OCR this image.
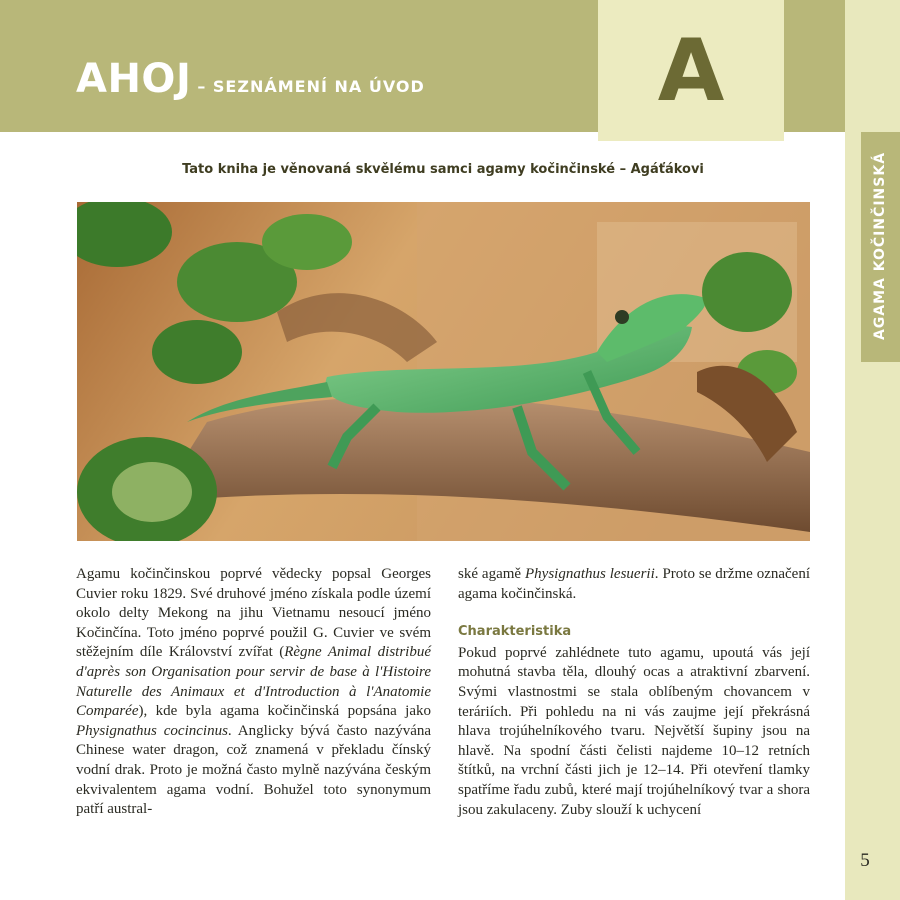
AHOJ – SEZNÁMENÍ NA ÚVOD	A
AGAMA KOČINČINSKÁ
Tato kniha je věnovaná skvělému samci agamy kočinčinské – Agáťákovi

Agamu kočinčinskou poprvé vědecky popsal Georges Cuvier roku 1829. Své druhové jméno získala podle území okolo delty Mekong na jihu Vietnamu nesoucí jméno Kočinčína. Toto jméno poprvé použil G. Cuvier ve svém stěžejním díle Království zvířat (Règne Animal distribué d'après son Organisation pour servir de base à l'Histoire Naturelle des Animaux et d'Introduction à l'Anatomie Comparée), kde byla agama kočinčinská popsána jako Physignathus cocincinus. Anglicky bývá často nazývána Chinese water dragon, což znamená v překladu čínský vodní drak. Proto je možná často mylně nazývána českým ekvivalentem agama vodní. Bohužel toto synonymum patří austral-

ské agamě Physignathus lesuerii. Proto se držme označení agama kočinčinská.

Charakteristika

Pokud poprvé zahlédnete tuto agamu, upoutá vás její mohutná stavba těla, dlouhý ocas a atraktivní zbarvení. Svými vlastnostmi se stala oblíbeným chovancem v teráriích. Při pohledu na ni vás zaujme její překrásná hlava trojúhelníkového tvaru. Největší šupiny jsou na hlavě. Na spodní části čelisti najdeme 10–12 retních štítků, na vrchní části jich je 12–14. Při otevření tlamky spatříme řadu zubů, které mají trojúhelníkový tvar a shora jsou zakulaceny. Zuby slouží k uchycení

5
